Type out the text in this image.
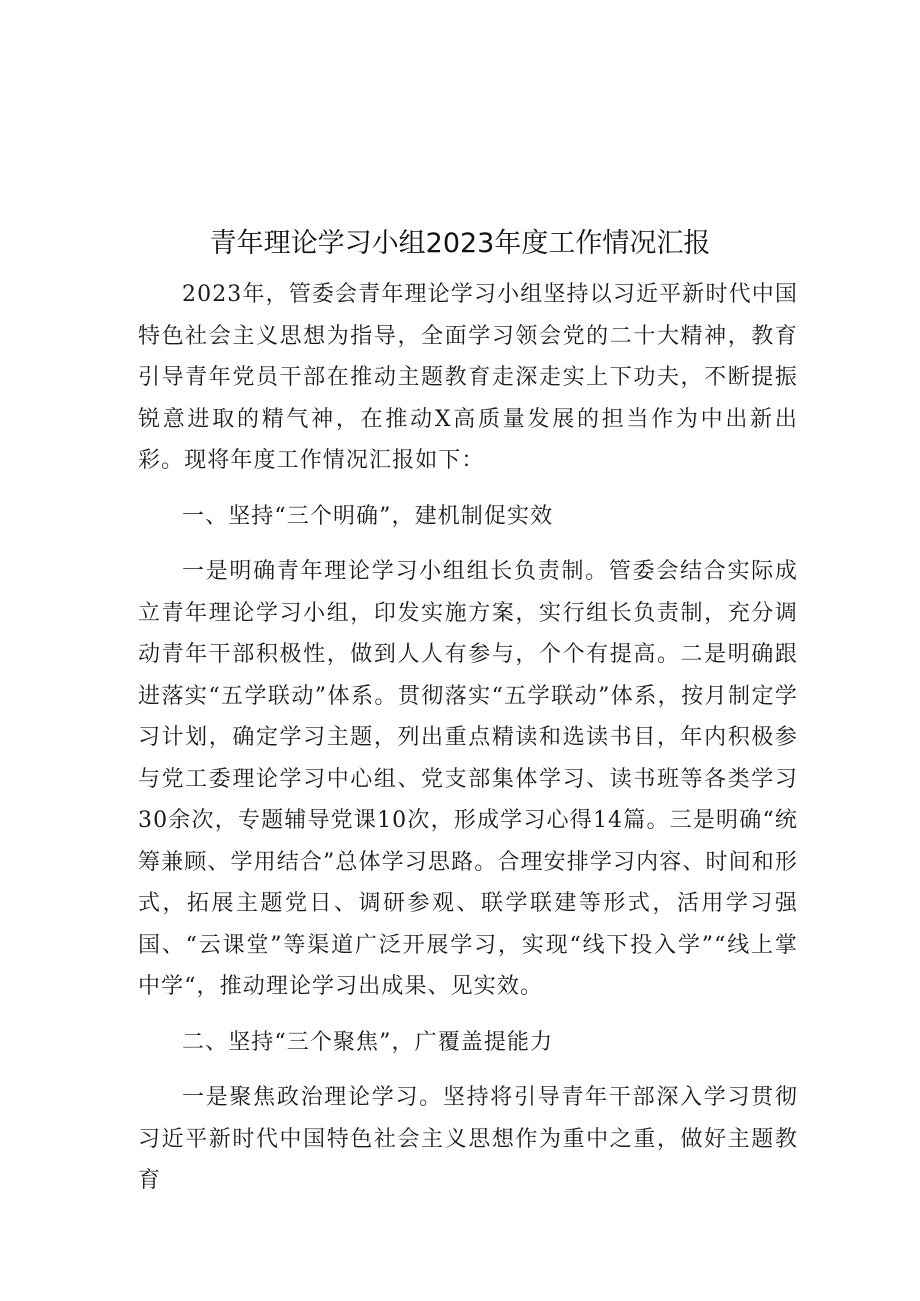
青年理论学习小组2023年度工作情况汇报

2023年，管委会青年理论学习小组坚持以习近平新时代中国特色社会主义思想为指导，全面学习领会党的二十大精神，教育引导青年党员干部在推动主题教育走深走实上下功夫，不断提振锐意进取的精气神，在推动X高质量发展的担当作为中出新出彩。现将年度工作情况汇报如下：

一、坚持“三个明确”，建机制促实效

一是明确青年理论学习小组组长负责制。管委会结合实际成立青年理论学习小组，印发实施方案，实行组长负责制，充分调动青年干部积极性，做到人人有参与，个个有提高。二是明确跟进落实“五学联动”体系。贯彻落实“五学联动”体系，按月制定学习计划，确定学习主题，列出重点精读和选读书目，年内积极参与党工委理论学习中心组、党支部集体学习、读书班等各类学习30余次，专题辅导党课10次，形成学习心得14篇。三是明确“统筹兼顾、学用结合”总体学习思路。合理安排学习内容、时间和形式，拓展主题党日、调研参观、联学联建等形式，活用学习强国、“云课堂”等渠道广泛开展学习，实现“线下投入学”“线上掌中学“，推动理论学习出成果、见实效。

二、坚持“三个聚焦”，广覆盖提能力

一是聚焦政治理论学习。坚持将引导青年干部深入学习贯彻习近平新时代中国特色社会主义思想作为重中之重，做好主题教育
